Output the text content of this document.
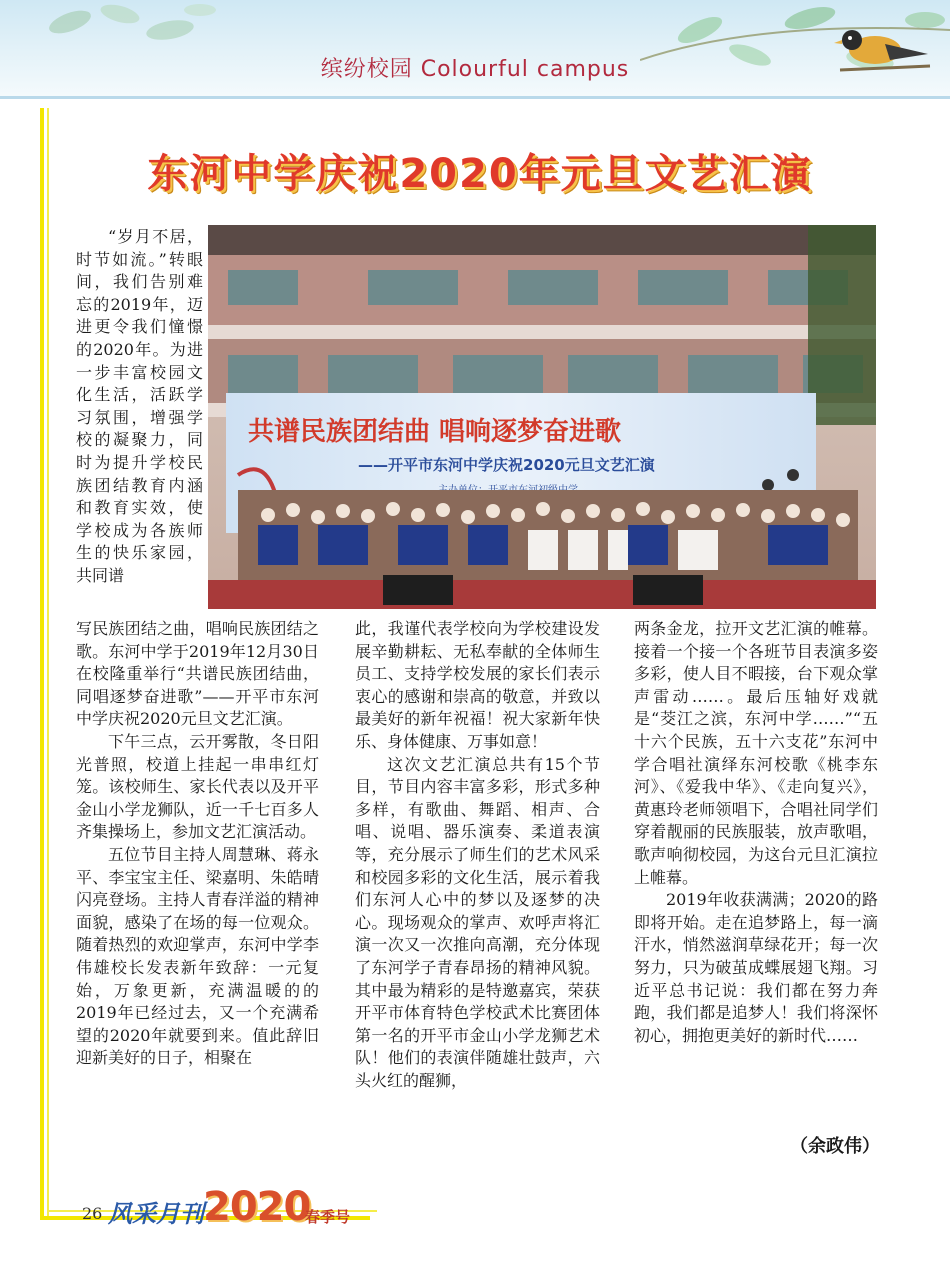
缤纷校园 Colourful campus
东河中学庆祝2020年元旦文艺汇演
共谱民族团结曲 唱响逐梦奋进歌
——开平市东河中学庆祝2020元旦文艺汇演

“岁月不居，时节如流。”转眼间，我们告别难忘的2019年，迈进更令我们憧憬的2020年。为进一步丰富校园文化生活，活跃学习氛围，增强学校的凝聚力，同时为提升学校民族团结教育内涵和教育实效，使学校成为各族师生的快乐家园，共同谱

写民族团结之曲，唱响民族团结之歌。东河中学于2019年12月30日在校隆重举行“共谱民族团结曲，同唱逐梦奋进歌”——开平市东河中学庆祝2020元旦文艺汇演。

下午三点，云开雾散，冬日阳光普照，校道上挂起一串串红灯笼。该校师生、家长代表以及开平金山小学龙狮队，近一千七百多人齐集操场上，参加文艺汇演活动。

五位节目主持人周慧琳、蒋永平、李宝宝主任、梁嘉明、朱皓晴闪亮登场。主持人青春洋溢的精神面貌，感染了在场的每一位观众。随着热烈的欢迎掌声，东河中学李伟雄校长发表新年致辞：一元复始，万象更新，充满温暖的的2019年已经过去，又一个充满希望的2020年就要到来。值此辞旧迎新美好的日子，相聚在

此，我谨代表学校向为学校建设发展辛勤耕耘、无私奉献的全体师生员工、支持学校发展的家长们表示衷心的感谢和崇高的敬意，并致以最美好的新年祝福！祝大家新年快乐、身体健康、万事如意！

这次文艺汇演总共有15个节目，节目内容丰富多彩，形式多种多样，有歌曲、舞蹈、相声、合唱、说唱、器乐演奏、柔道表演等，充分展示了师生们的艺术风采和校园多彩的文化生活，展示着我们东河人心中的梦以及逐梦的决心。现场观众的掌声、欢呼声将汇演一次又一次推向高潮，充分体现了东河学子青春昂扬的精神风貌。其中最为精彩的是特邀嘉宾，荣获开平市体育特色学校武术比赛团体第一名的开平市金山小学龙狮艺术队！他们的表演伴随雄壮鼓声，六头火红的醒狮，

两条金龙，拉开文艺汇演的帷幕。接着一个接一个各班节目表演多姿多彩，使人目不暇接，台下观众掌声雷动……。最后压轴好戏就是“茭江之滨，东河中学……”“五十六个民族，五十六支花”东河中学合唱社演绎东河校歌《桃李东河》、《爱我中华》、《走向复兴》，黄惠玲老师领唱下，合唱社同学们穿着靓丽的民族服装，放声歌唱，歌声响彻校园，为这台元旦汇演拉上帷幕。

2019年收获满满；2020的路即将开始。走在追梦路上，每一滴汗水，悄然滋润草绿花开；每一次努力，只为破茧成蝶展翅飞翔。习近平总书记说：我们都在努力奔跑，我们都是追梦人！我们将深怀初心，拥抱更美好的新时代……

（余政伟）
26 风采月刊 2020
春季号
